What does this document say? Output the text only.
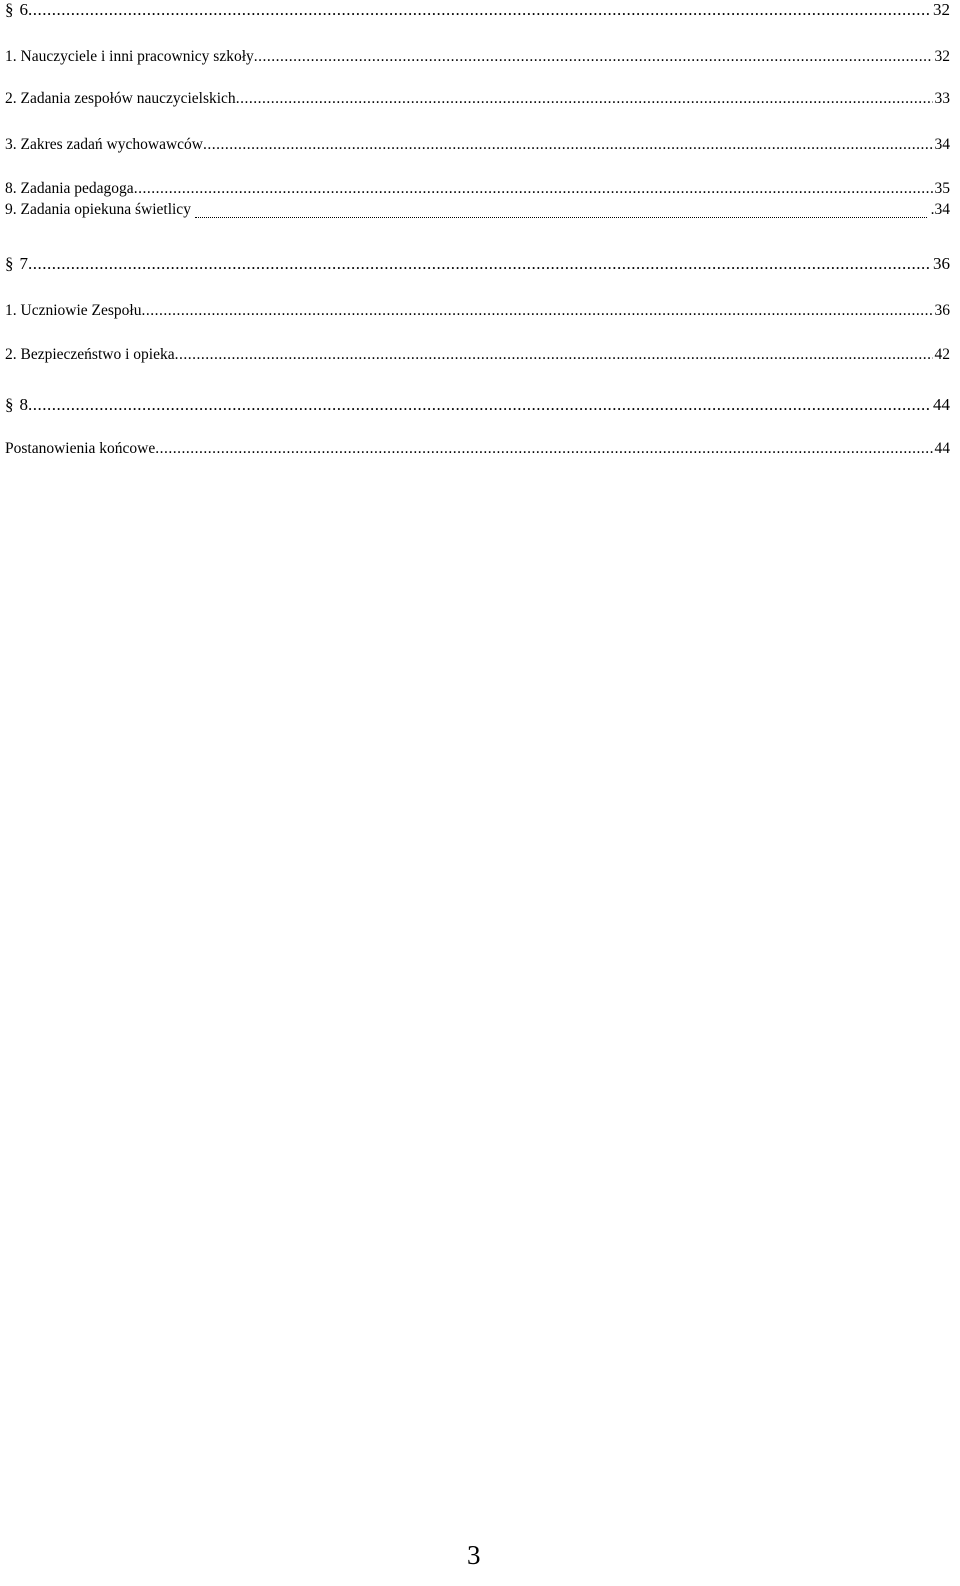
§ 6 .....	32
1. Nauczyciele i inni pracownicy szkoły .....	32
2. Zadania zespołów nauczycielskich .....	33
3. Zakres zadań wychowawców .....	34
8. Zadania pedagoga .....	35
9. Zadania opiekuna świetlicy	.34
§ 7 .....	36
1. Uczniowie Zespołu .....	36
2. Bezpieczeństwo i opieka .....	42
§ 8 .....	44
Postanowienia końcowe .....	44
3
